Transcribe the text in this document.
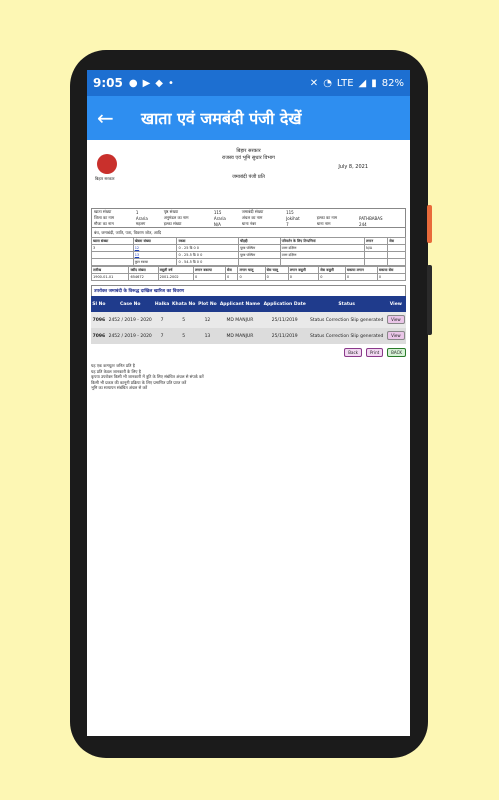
9:05 ● ▶ ◆ •	✕ ◔ LTE ◢ ▮ 82%
←	खाता एवं जमबंदी पंजी देखें
बिहार सरकार
बिहार सरकार
राजस्व एवं भूमि सुधार विभाग
July 8, 2021
जमाबंदी पंजी प्रति
खाता संख्या	1	पृष्ठ संख्या	115	जमाबंदी संख्या	115		
जिला का नाम	Araria	अनुमंडल का नाम	Araria	अंचल का नाम	Jokihat	हल्का का नाम	PATHBABAS
मौजा का नाम	महलग	हल्का संख्या	N/A	थाना नंबर	7	थाना नाम	244
बंध, जमाबंदी, जाति, पता, विवरण जोत, आदि
खाता संख्या	खेसरा संख्या	रकबा	चौहद्दी	परिवर्तन के लिए टिप्पणियां	लगान	सेस
3	12	0 . 25 डि 0 0	पूरब पश्चिम	उत्तर दक्षिण	N/A	
	13	0 . 25.5 डि 0 0	पूरब पश्चिम	उत्तर दक्षिण		
	कुल रकबा	0 . 54.5 डि 0 0				
तारीख	रसीद संख्या	वसूली वर्ष	लगान बकाया	सेस	लगान चालू	सेस चालू	लगान वसूली	सेस वसूली	बकाया लगान	बकाया सेस
1900-01-01	654672	2001-2002	0	0	0	0	0	0	0	0
उपरोक्त जमाबंदी के विरूद्ध दाखिल खारिज का विवरण
Sl No	Case No	Halka	Khata No	Plot No	Applicant Name	Application Date	Status	View
7096	2452 / 2019 - 2020	7	5	12	MD MANJUR	25/11/2019	Status Correction Slip generated	View
7096	2452 / 2019 - 2020	7	5	13	MD MANJUR	25/11/2019	Status Correction Slip generated	View
Back	Print	BACK
यह एक कम्प्यूटर जनित प्रति है
यह प्रति केवल जानकारी के लिए है
कृपया उपरोक्त किसी भी जानकारी में त्रुटि के लिए संबंधित अंचल से संपर्क करें
किसी भी प्रकार की कानूनी प्रक्रिया के लिए प्रमाणित प्रति प्राप्त करें
भूमि का सत्यापन संबंधित अंचल से करें
